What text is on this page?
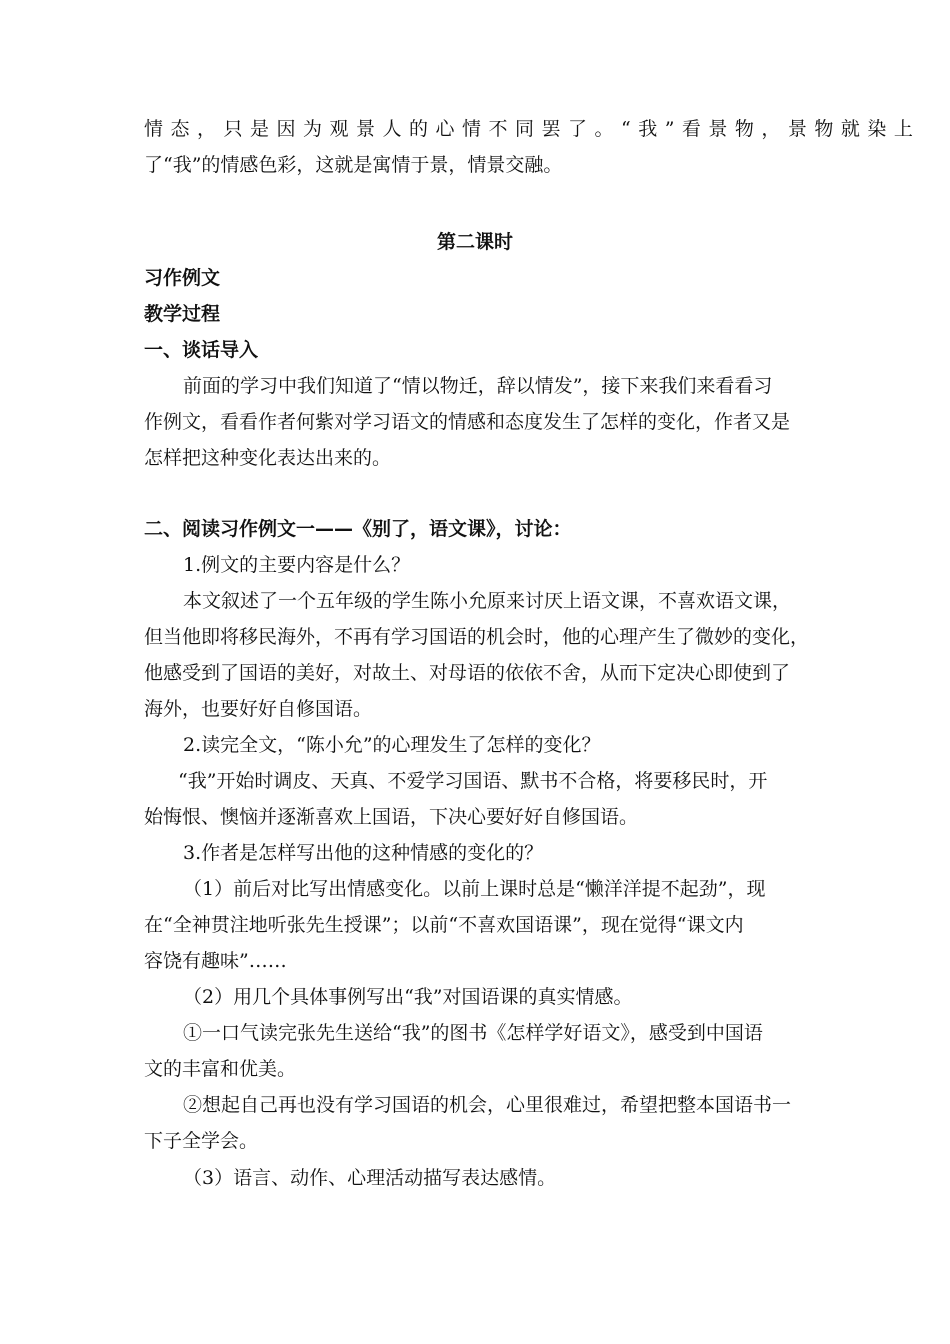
情态，只是因为观景人的心情不同罢了。“我”看景物，景物就染上
了“我”的情感色彩，这就是寓情于景，情景交融。
第二课时
习作例文
教学过程
一、谈话导入
前面的学习中我们知道了“情以物迁，辞以情发”，接下来我们来看看习
作例文，看看作者何紫对学习语文的情感和态度发生了怎样的变化，作者又是
怎样把这种变化表达出来的。
二、阅读习作例文一——《别了，语文课》，讨论：
1.例文的主要内容是什么？
本文叙述了一个五年级的学生陈小允原来讨厌上语文课，不喜欢语文课，
但当他即将移民海外，不再有学习国语的机会时，他的心理产生了微妙的变化，
他感受到了国语的美好，对故土、对母语的依依不舍，从而下定决心即使到了
海外，也要好好自修国语。
2.读完全文，“陈小允”的心理发生了怎样的变化？
“我”开始时调皮、天真、不爱学习国语、默书不合格，将要移民时，开
始悔恨、懊恼并逐渐喜欢上国语，下决心要好好自修国语。
3.作者是怎样写出他的这种情感的变化的？
（1）前后对比写出情感变化。以前上课时总是“懒洋洋提不起劲”，现
在“全神贯注地听张先生授课”；以前“不喜欢国语课”，现在觉得“课文内
容饶有趣味”……
（2）用几个具体事例写出“我”对国语课的真实情感。
①一口气读完张先生送给“我”的图书《怎样学好语文》，感受到中国语
文的丰富和优美。
②想起自己再也没有学习国语的机会，心里很难过，希望把整本国语书一
下子全学会。
（3）语言、动作、心理活动描写表达感情。
